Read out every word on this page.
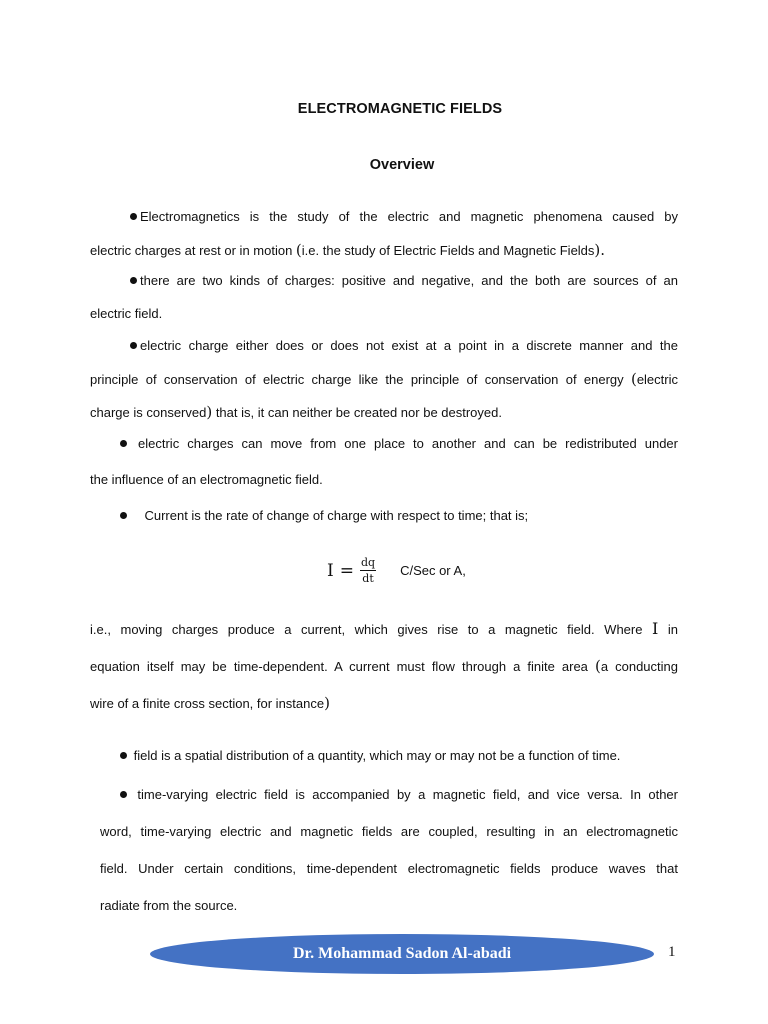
ELECTROMAGNETIC FIELDS
Overview
Electromagnetics is the study of the electric and magnetic phenomena caused by
electric charges at rest or in motion (i.e. the study of Electric Fields and Magnetic Fields).
there are two kinds of charges: positive and negative, and the both are sources of an
electric field.
electric charge either does or does not exist at a point in a discrete manner and the
principle of conservation of electric charge like the principle of conservation of energy (electric
charge is conserved) that is, it can neither be created nor be destroyed.
electric charges can move from one place to another and can be redistributed under
the influence of an electromagnetic field.
Current is the rate of change of charge with respect to time; that is;
$I = \frac{dq}{dt} C/Sec$ or A,
i.e., moving charges produce a current, which gives rise to a magnetic field. Where I in
equation itself may be time-dependent. A current must flow through a finite area (a conducting
wire of a finite cross section, for instance)
field is a spatial distribution of a quantity, which may or may not be a function of time.
time-varying electric field is accompanied by a magnetic field, and vice versa. In other
word, time-varying electric and magnetic fields are coupled, resulting in an electromagnetic
field. Under certain conditions, time-dependent electromagnetic fields produce waves that
radiate from the source.
Dr. Mohammad Sadon Al-abadi	1
